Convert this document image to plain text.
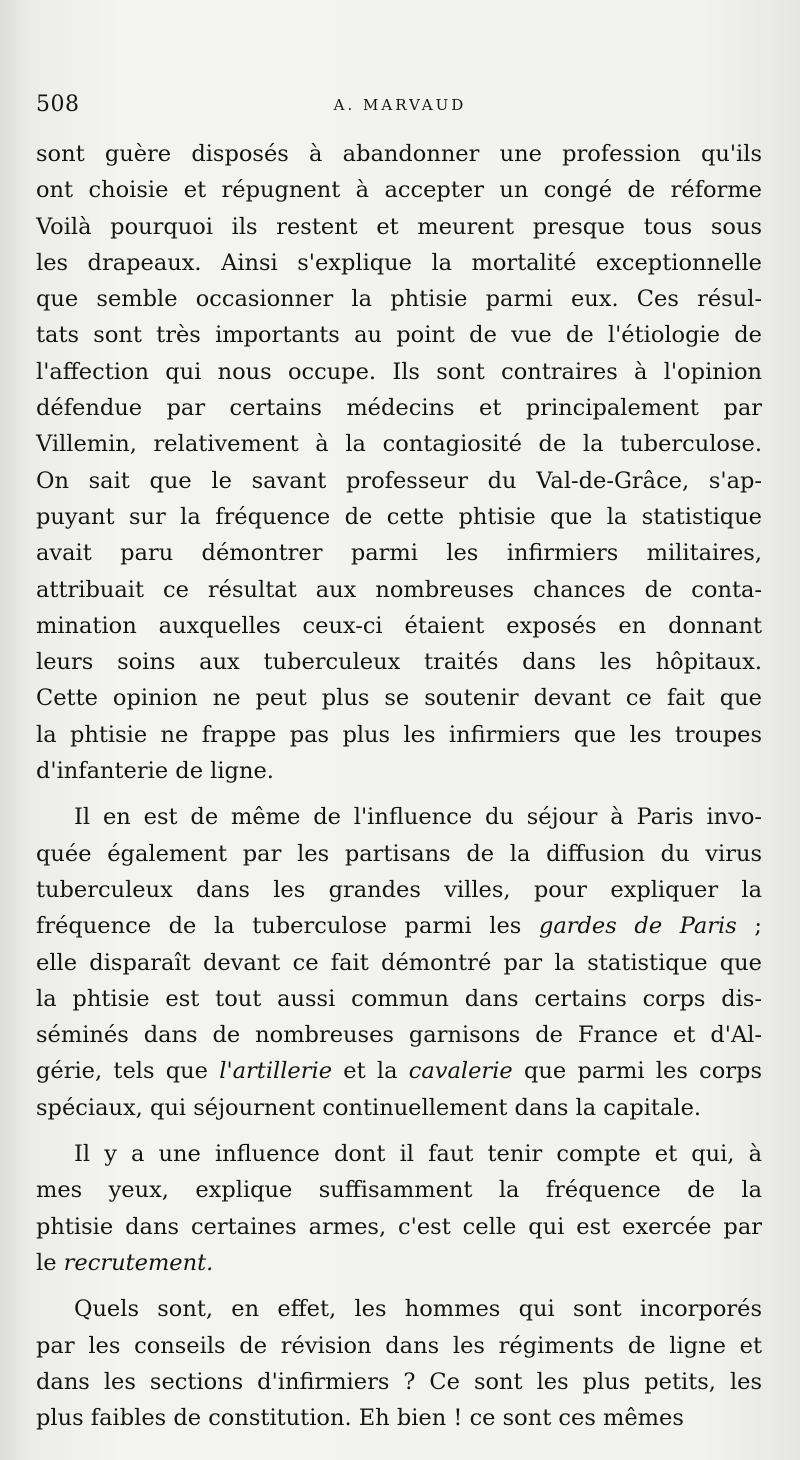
508	A. MARVAUD
sont guère disposés à abandonner une profession qu'ils
ont choisie et répugnent à accepter un congé de réforme
Voilà pourquoi ils restent et meurent presque tous sous
les drapeaux. Ainsi s'explique la mortalité exceptionnelle
que semble occasionner la phtisie parmi eux. Ces résul-
tats sont très importants au point de vue de l'étiologie de
l'affection qui nous occupe. Ils sont contraires à l'opinion
défendue par certains médecins et principalement par
Villemin, relativement à la contagiosité de la tuberculose.
On sait que le savant professeur du Val-de-Grâce, s'ap-
puyant sur la fréquence de cette phtisie que la statistique
avait paru démontrer parmi les infirmiers militaires,
attribuait ce résultat aux nombreuses chances de conta-
mination auxquelles ceux-ci étaient exposés en donnant
leurs soins aux tuberculeux traités dans les hôpitaux.
Cette opinion ne peut plus se soutenir devant ce fait que
la phtisie ne frappe pas plus les infirmiers que les troupes
d'infanterie de ligne.
Il en est de même de l'influence du séjour à Paris invo-
quée également par les partisans de la diffusion du virus
tuberculeux dans les grandes villes, pour expliquer la
fréquence de la tuberculose parmi les gardes de Paris ;
elle disparaît devant ce fait démontré par la statistique que
la phtisie est tout aussi commun dans certains corps dis-
séminés dans de nombreuses garnisons de France et d'Al-
gérie, tels que l'artillerie et la cavalerie que parmi les corps
spéciaux, qui séjournent continuellement dans la capitale.
Il y a une influence dont il faut tenir compte et qui, à
mes yeux, explique suffisamment la fréquence de la
phtisie dans certaines armes, c'est celle qui est exercée par
le recrutement.
Quels sont, en effet, les hommes qui sont incorporés
par les conseils de révision dans les régiments de ligne et
dans les sections d'infirmiers ? Ce sont les plus petits, les
plus faibles de constitution. Eh bien ! ce sont ces mêmes
